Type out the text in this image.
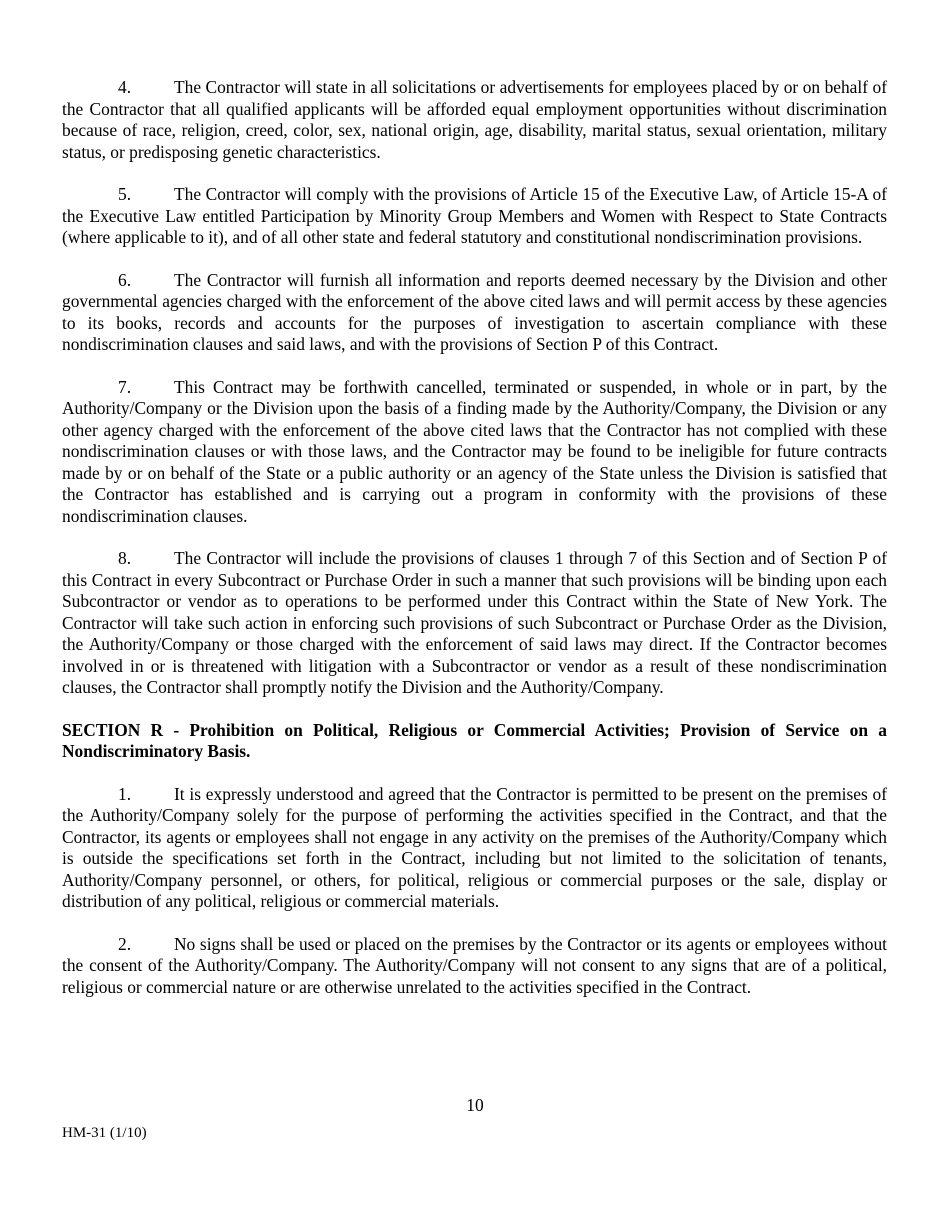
4. The Contractor will state in all solicitations or advertisements for employees placed by or on behalf of the Contractor that all qualified applicants will be afforded equal employment opportunities without discrimination because of race, religion, creed, color, sex, national origin, age, disability, marital status, sexual orientation, military status, or predisposing genetic characteristics.

5. The Contractor will comply with the provisions of Article 15 of the Executive Law, of Article 15-A of the Executive Law entitled Participation by Minority Group Members and Women with Respect to State Contracts (where applicable to it), and of all other state and federal statutory and constitutional nondiscrimination provisions.

6. The Contractor will furnish all information and reports deemed necessary by the Division and other governmental agencies charged with the enforcement of the above cited laws and will permit access by these agencies to its books, records and accounts for the purposes of investigation to ascertain compliance with these nondiscrimination clauses and said laws, and with the provisions of Section P of this Contract.

7. This Contract may be forthwith cancelled, terminated or suspended, in whole or in part, by the Authority/Company or the Division upon the basis of a finding made by the Authority/Company, the Division or any other agency charged with the enforcement of the above cited laws that the Contractor has not complied with these nondiscrimination clauses or with those laws, and the Contractor may be found to be ineligible for future contracts made by or on behalf of the State or a public authority or an agency of the State unless the Division is satisfied that the Contractor has established and is carrying out a program in conformity with the provisions of these nondiscrimination clauses.

8. The Contractor will include the provisions of clauses 1 through 7 of this Section and of Section P of this Contract in every Subcontract or Purchase Order in such a manner that such provisions will be binding upon each Subcontractor or vendor as to operations to be performed under this Contract within the State of New York. The Contractor will take such action in enforcing such provisions of such Subcontract or Purchase Order as the Division, the Authority/Company or those charged with the enforcement of said laws may direct. If the Contractor becomes involved in or is threatened with litigation with a Subcontractor or vendor as a result of these nondiscrimination clauses, the Contractor shall promptly notify the Division and the Authority/Company.

SECTION R - Prohibition on Political, Religious or Commercial Activities; Provision of Service on a Nondiscriminatory Basis.

1. It is expressly understood and agreed that the Contractor is permitted to be present on the premises of the Authority/Company solely for the purpose of performing the activities specified in the Contract, and that the Contractor, its agents or employees shall not engage in any activity on the premises of the Authority/Company which is outside the specifications set forth in the Contract, including but not limited to the solicitation of tenants, Authority/Company personnel, or others, for political, religious or commercial purposes or the sale, display or distribution of any political, religious or commercial materials.

2. No signs shall be used or placed on the premises by the Contractor or its agents or employees without the consent of the Authority/Company. The Authority/Company will not consent to any signs that are of a political, religious or commercial nature or are otherwise unrelated to the activities specified in the Contract.

10
HM-31 (1/10)
